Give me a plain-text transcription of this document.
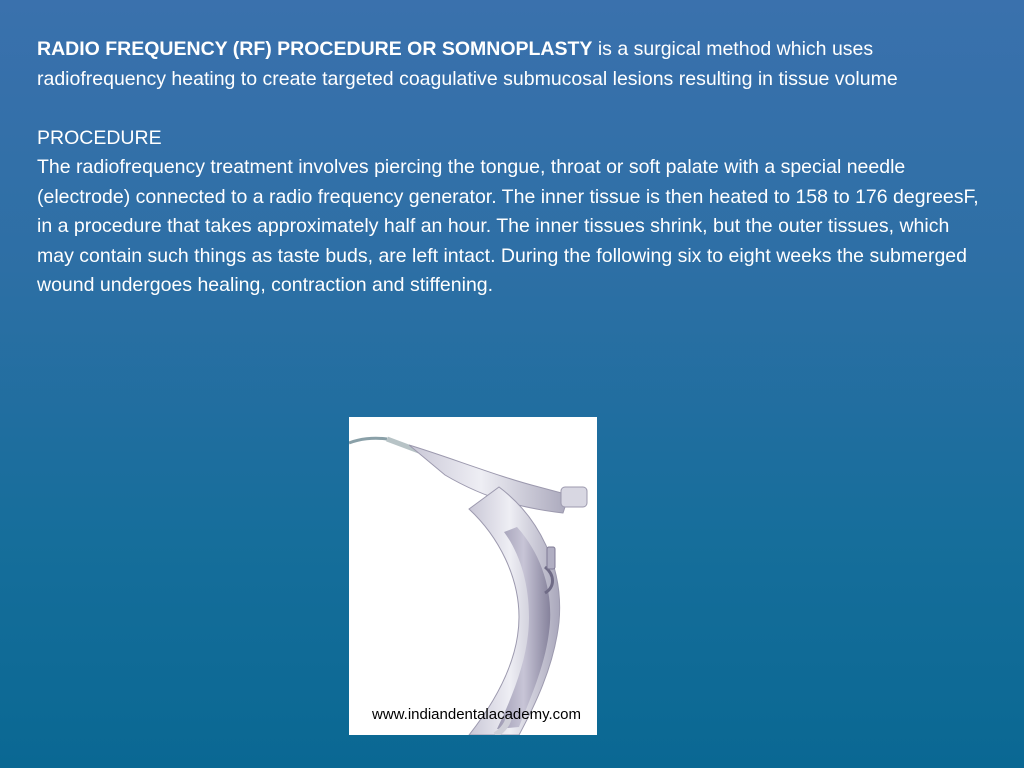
RADIO FREQUENCY (RF) PROCEDURE OR SOMNOPLASTY is a surgical method which uses radiofrequency heating to create targeted coagulative submucosal lesions resulting in tissue volume
PROCEDURE
The radiofrequency treatment involves piercing the tongue, throat or soft palate with a special needle (electrode) connected to a radio frequency generator. The inner tissue is then heated to 158 to 176 degreesF, in a procedure that takes approximately half an hour. The inner tissues shrink, but the outer tissues, which may contain such things as taste buds, are left intact. During the following six to eight weeks the submerged wound undergoes healing, contraction and stiffening.
www.indiandentalacademy.com
